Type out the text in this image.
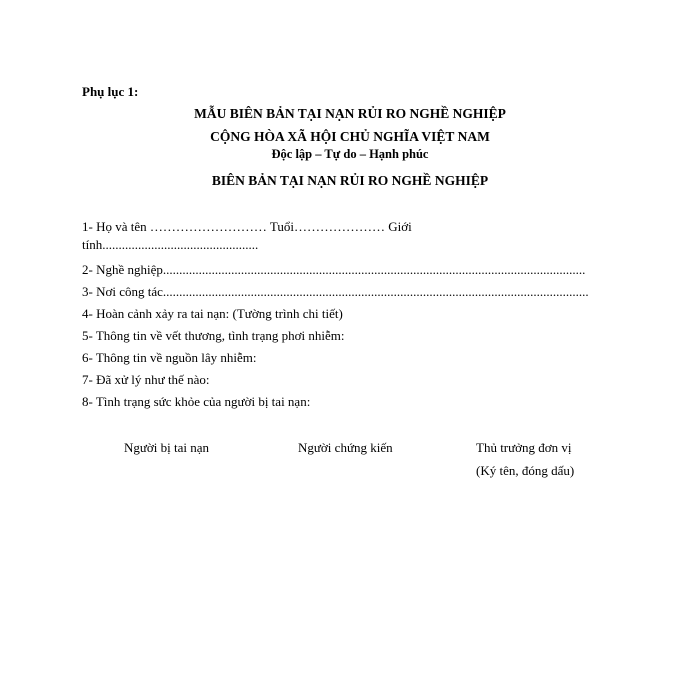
Phụ lục 1:
MẪU BIÊN BẢN TẠI NẠN RỦI RO NGHỀ NGHIỆP
CỘNG HÒA XÃ HỘI CHỦ NGHĨA VIỆT NAM
Độc lập – Tự do – Hạnh phúc
BIÊN BẢN TẠI NẠN RỦI RO NGHỀ NGHIỆP
1- Họ và tên ……………………… Tuổi………………… Giới
tính................................................
2- Nghề nghiệp..................................................................................................................................
3- Nơi công tác...................................................................................................................................
4- Hoàn cảnh xảy ra tai nạn: (Tường trình chi tiết)
5- Thông tin về vết thương, tình trạng phơi nhiễm:
6- Thông tin về nguồn lây nhiễm:
7- Đã xử lý như thế nào:
8- Tình trạng sức khỏe của người bị tai nạn:
Người bị tai nạn	Người chứng kiến	Thủ trưởng đơn vị
(Ký tên, đóng dấu)
